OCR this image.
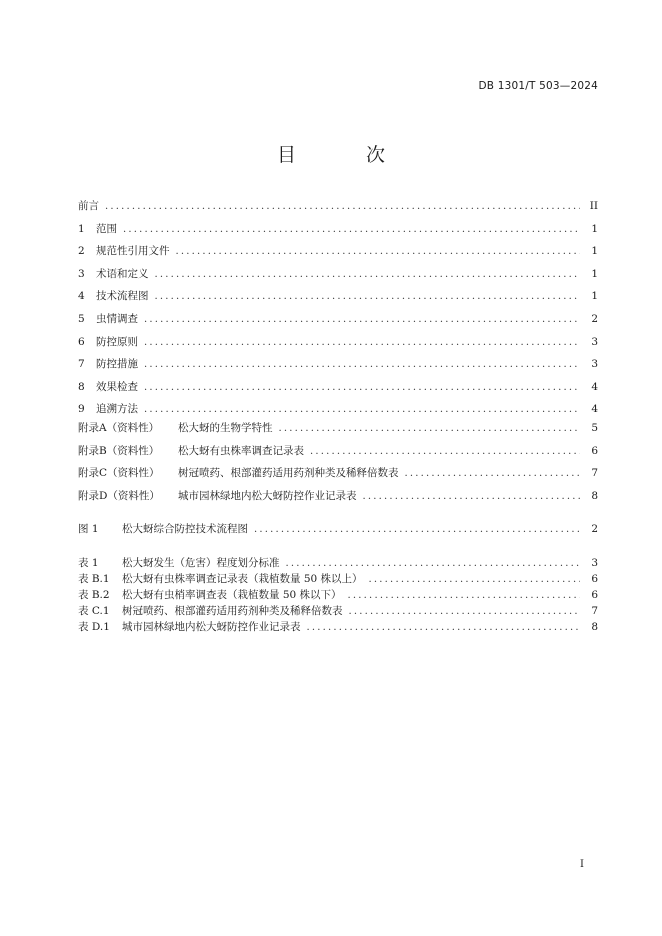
DB 1301/T 503—2024
目 次
前言 .....	II
1 范围 .....	1
2 规范性引用文件 .....	1
3 术语和定义 .....	1
4 技术流程图 .....	1
5 虫情调查 .....	2
6 防控原则 .....	3
7 防控措施 .....	3
8 效果检查 .....	4
9 追溯方法 .....	4
附录A（资料性） 松大蚜的生物学特性 .....	5
附录B（资料性） 松大蚜有虫株率调查记录表 .....	6
附录C（资料性） 树冠喷药、根部灌药适用药剂种类及稀释倍数表 .....	7
附录D（资料性） 城市园林绿地内松大蚜防控作业记录表 .....	8
图 1 松大蚜综合防控技术流程图 .....	2
表 1 松大蚜发生（危害）程度划分标准 .....	3
表 B.1 松大蚜有虫株率调查记录表（栽植数量 50 株以上） .....	6
表 B.2 松大蚜有虫梢率调查表（栽植数量 50 株以下） .....	6
表 C.1 树冠喷药、根部灌药适用药剂种类及稀释倍数表 .....	7
表 D.1 城市园林绿地内松大蚜防控作业记录表 .....	8
I
